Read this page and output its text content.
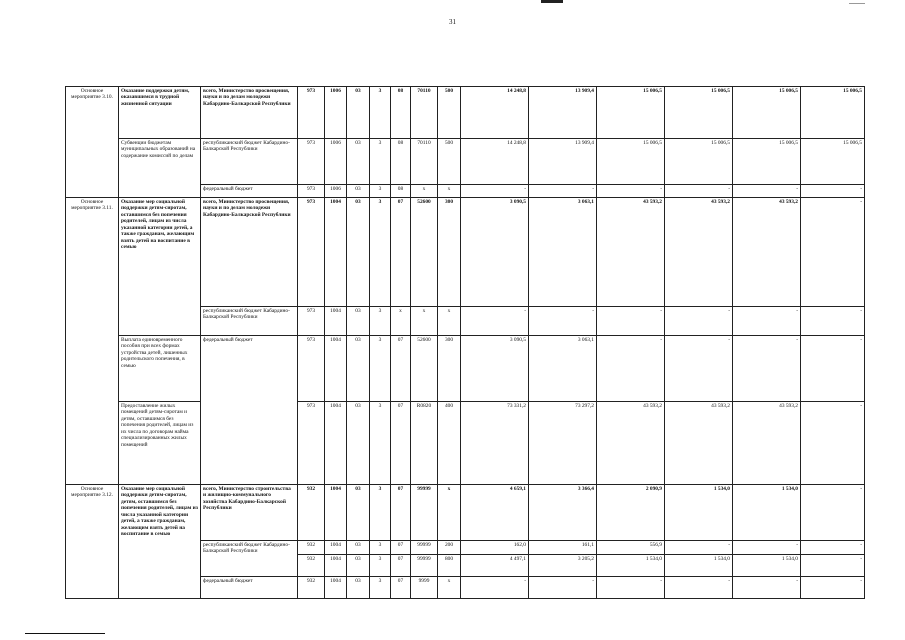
31
Основное мероприятие 3.10.	Оказание поддержки детям, оказавшимся в трудной жизненной ситуации	всего, Министерство просвещения, науки и по делам молодежи Кабардино-Балкарской Республики	973	1006	03	3	08	70110	500	14 248,8	13 909,4	15 006,5	15 006,5	15 006,5	15 006,5
	Субвенции бюджетам муниципальных образований на содержание комиссий по делам	республиканский бюджет Кабардино-Балкарской Республики	973	1006	03	3	08	70110	500	14 248,8	13 909,4	15 006,5	15 006,5	15 006,5	15 006,5
		федеральный бюджет	973	1006	03	3	08	х	х	-	-	-	-	-	-
Основное мероприятие 3.11.	Оказание мер социальной поддержки детям-сиротам, оставшимся без попечения родителей, лицам из числа указанной категории детей, а также гражданам, желающим взять детей на воспитание в семью	всего, Министерство просвещения, науки и по делам молодежи Кабардино-Балкарской Республики	973	1004	03	3	07	52600	300	3 090,5	3 063,1	43 593,2	43 593,2	43 593,2	-
		республиканский бюджет Кабардино-Балкарской Республики	973	1004	03	3	х	х	х	-	-	-	-	-	-
	Выплата единовременного пособия при всех формах устройства детей, лишенных родительского попечения, в семью	федеральный бюджет	973	1004	03	3	07	52600	300	3 090,5	3 063,1	-	-	-	-
	Предоставление жилых помещений детям-сиротам и детям, оставшимся без попечения родителей, лицам из их числа по договорам найма специализированных жилых помещений		973	1004	03	3	07	R0820	400	73 331,2	73 297,2	43 593,2	43 593,2	43 593,2	-
Основное мероприятие 3.12.	Оказание мер социальной поддержки детям-сиротам, детям, оставшимся без попечения родителей, лицам из числа указанной категории детей, а также гражданам, желающим взять детей на воспитание в семью	всего, Министерство строительства и жилищно-коммунального хозяйства Кабардино-Балкарской Республики	932	1004	03	3	07	99999	х	4 659,1	3 366,4	2 090,9	1 534,0	1 534,0	-
		республиканский бюджет Кабардино-Балкарской Республики	932	1004	03	3	07	99999	200	162,0	161,1	556,9	-	-	-
			932	1004	03	3	07	99999	800	4 497,1	3 205,2	1 534,0	1 534,0	1 534,0	-
		федеральный бюджет	932	1004	03	3	07	9999	х	-	-	-	-	-	-
